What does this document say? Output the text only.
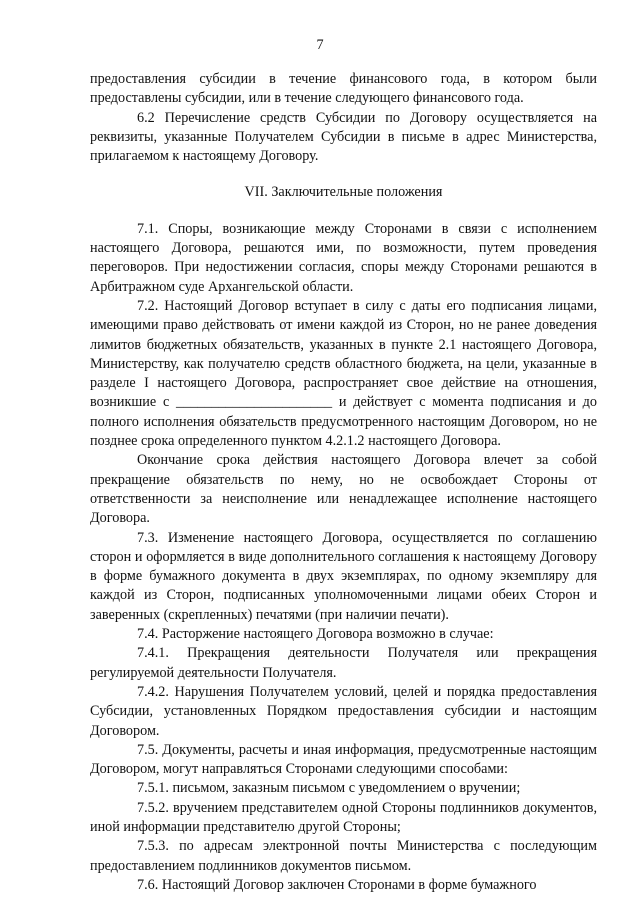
7

предоставления субсидии в течение финансового года, в котором были предоставлены субсидии, или в течение следующего финансового года.

6.2 Перечисление средств Субсидии по Договору осуществляется на реквизиты, указанные Получателем Субсидии в письме в адрес Министерства, прилагаемом к настоящему Договору.

VII. Заключительные положения

7.1. Споры, возникающие между Сторонами в связи с исполнением настоящего Договора, решаются ими, по возможности, путем проведения переговоров. При недостижении согласия, споры между Сторонами решаются в Арбитражном суде Архангельской области.

7.2. Настоящий Договор вступает в силу с даты его подписания лицами, имеющими право действовать от имени каждой из Сторон, но не ранее доведения лимитов бюджетных обязательств, указанных в пункте 2.1 настоящего Договора, Министерству, как получателю средств областного бюджета, на цели, указанные в разделе I настоящего Договора, распространяет свое действие на отношения, возникшие с ______________________ и действует с момента подписания и до полного исполнения обязательств предусмотренного настоящим Договором, но не позднее срока определенного пунктом 4.2.1.2 настоящего Договора.

Окончание срока действия настоящего Договора влечет за собой прекращение обязательств по нему, но не освобождает Стороны от ответственности за неисполнение или ненадлежащее исполнение настоящего Договора.

7.3. Изменение настоящего Договора, осуществляется по соглашению сторон и оформляется в виде дополнительного соглашения к настоящему Договору в форме бумажного документа в двух экземплярах, по одному экземпляру для каждой из Сторон, подписанных уполномоченными лицами обеих Сторон и заверенных (скрепленных) печатями (при наличии печати).

7.4. Расторжение настоящего Договора возможно в случае:

7.4.1. Прекращения деятельности Получателя или прекращения регулируемой деятельности Получателя.

7.4.2. Нарушения Получателем условий, целей и порядка предоставления Субсидии, установленных Порядком предоставления субсидии и настоящим Договором.

7.5. Документы, расчеты и иная информация, предусмотренные настоящим Договором, могут направляться Сторонами следующими способами:

7.5.1. письмом, заказным письмом с уведомлением о вручении;

7.5.2. вручением представителем одной Стороны подлинников документов, иной информации представителю другой Стороны;

7.5.3. по адресам электронной почты Министерства с последующим предоставлением подлинников документов письмом.

7.6. Настоящий Договор заключен Сторонами в форме бумажного
